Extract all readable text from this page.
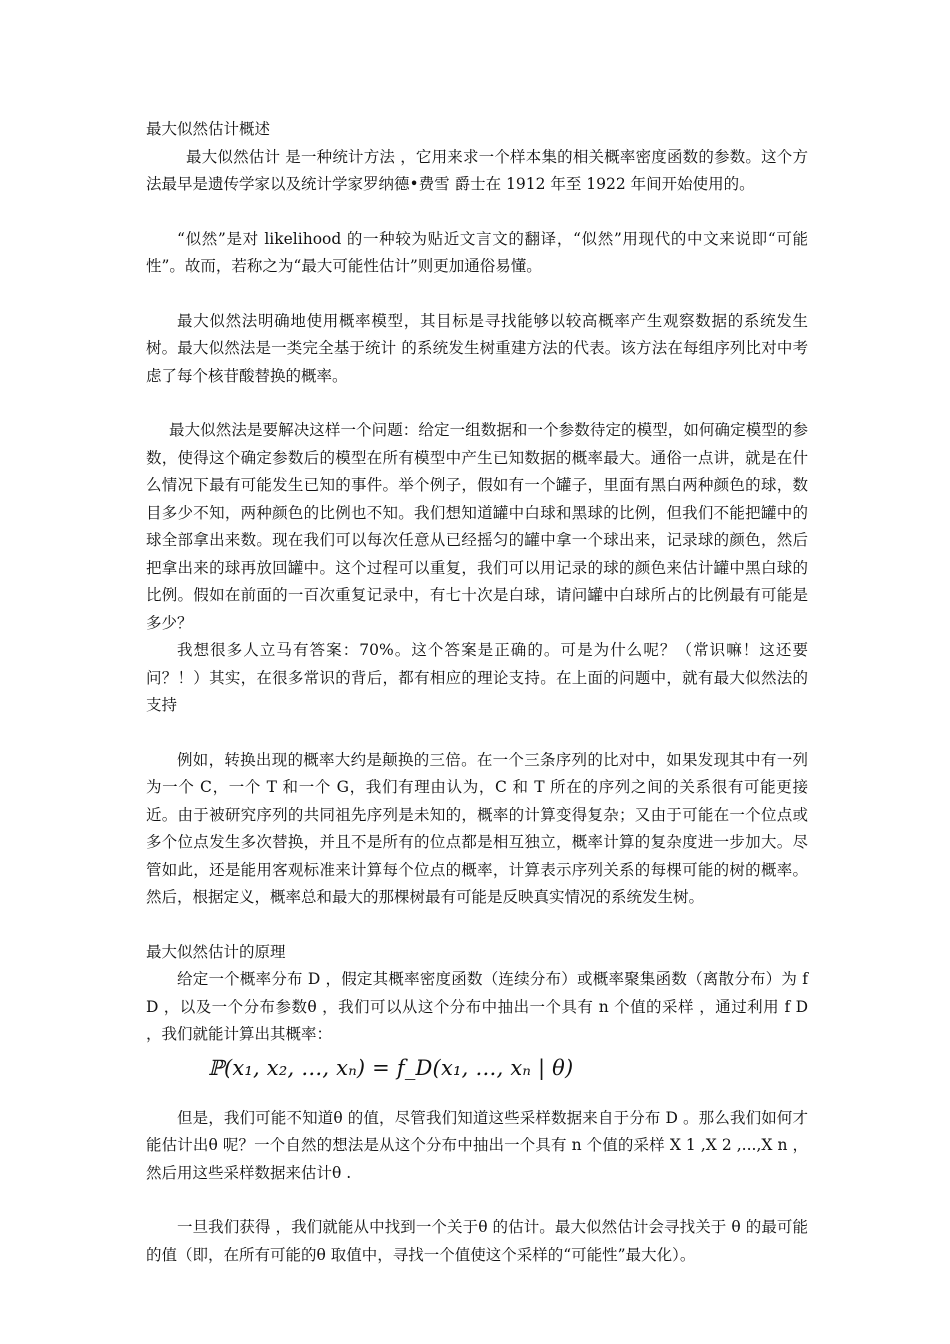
最大似然估计概述

最大似然估计 是一种统计方法 ，它用来求一个样本集的相关概率密度函数的参数。这个方法最早是遗传学家以及统计学家罗纳德•费雪 爵士在 1912 年至 1922 年间开始使用的。

“似然”是对 likelihood 的一种较为贴近文言文的翻译，“似然”用现代的中文来说即“可能性”。故而，若称之为“最大可能性估计”则更加通俗易懂。

最大似然法明确地使用概率模型，其目标是寻找能够以较高概率产生观察数据的系统发生树。最大似然法是一类完全基于统计 的系统发生树重建方法的代表。该方法在每组序列比对中考虑了每个核苷酸替换的概率。

最大似然法是要解决这样一个问题：给定一组数据和一个参数待定的模型，如何确定模型的参数，使得这个确定参数后的模型在所有模型中产生已知数据的概率最大。通俗一点讲，就是在什么情况下最有可能发生已知的事件。举个例子，假如有一个罐子，里面有黑白两种颜色的球，数目多少不知，两种颜色的比例也不知。我们想知道罐中白球和黑球的比例，但我们不能把罐中的球全部拿出来数。现在我们可以每次任意从已经摇匀的罐中拿一个球出来，记录球的颜色，然后把拿出来的球再放回罐中。这个过程可以重复，我们可以用记录的球的颜色来估计罐中黑白球的比例。假如在前面的一百次重复记录中，有七十次是白球，请问罐中白球所占的比例最有可能是多少？

我想很多人立马有答案：70%。这个答案是正确的。可是为什么呢？（常识嘛！这还要问？！）其实，在很多常识的背后，都有相应的理论支持。在上面的问题中，就有最大似然法的支持

例如，转换出现的概率大约是颠换的三倍。在一个三条序列的比对中，如果发现其中有一列为一个 C，一个 T 和一个 G，我们有理由认为，C 和 T 所在的序列之间的关系很有可能更接近。由于被研究序列的共同祖先序列是未知的，概率的计算变得复杂；又由于可能在一个位点或多个位点发生多次替换，并且不是所有的位点都是相互独立，概率计算的复杂度进一步加大。尽管如此，还是能用客观标准来计算每个位点的概率，计算表示序列关系的每棵可能的树的概率。然后，根据定义，概率总和最大的那棵树最有可能是反映真实情况的系统发生树。

最大似然估计的原理

给定一个概率分布 D ，假定其概率密度函数（连续分布）或概率聚集函数（离散分布）为 f D ，以及一个分布参数θ ，我们可以从这个分布中抽出一个具有 n 个值的采样 ，通过利用 f D ，我们就能计算出其概率：

ℙ(x₁, x₂, …, xₙ) = f_D(x₁, …, xₙ | θ)

但是，我们可能不知道θ 的值，尽管我们知道这些采样数据来自于分布 D 。那么我们如何才能估计出θ 呢？一个自然的想法是从这个分布中抽出一个具有 n 个值的采样 X 1 ,X 2 ,...,X n ，然后用这些采样数据来估计θ .

一旦我们获得 ，我们就能从中找到一个关于θ 的估计。最大似然估计会寻找关于 θ 的最可能的值（即，在所有可能的θ 取值中，寻找一个值使这个采样的“可能性”最大化）。
